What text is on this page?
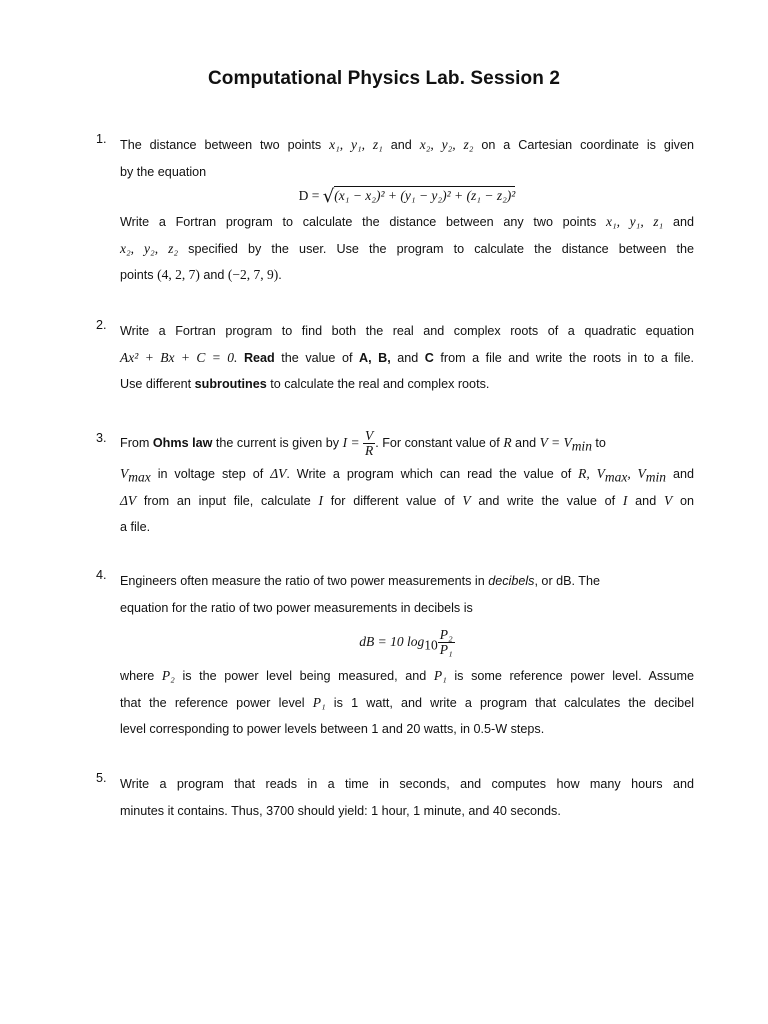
Computational Physics Lab. Session 2
1.	The distance between two points x₁, y₁, z₁ and x₂, y₂, z₂ on a Cartesian coordinate is given
by the equation
D = √(x₁ − x₂)² + (y₁ − y₂)² + (z₁ − z₂)²
Write a Fortran program to calculate the distance between any two points x₁, y₁, z₁ and
x₂, y₂, z₂ specified by the user. Use the program to calculate the distance between the
points (4, 2, 7) and (−2, 7, 9).
2.	Write a Fortran program to find both the real and complex roots of a quadratic equation
Ax² + Bx + C = 0. Read the value of A, B, and C from a file and write the roots in to a file.
Use different subroutines to calculate the real and complex roots.
3.	From Ohms law the current is given by $I = \frac{V}{R}$ . For constant value of R and $V = V_{min}$ to
$V_{max}$ in voltage step of ΔV. Write a program which can read the value of R, $V_{max}$, $V_{min}$ and
ΔV from an input file, calculate I for different value of V and write the value of I and V on
a file.
4.	Engineers often measure the ratio of two power measurements in decibels, or dB. The
equation for the ratio of two power measurements in decibels is
dB = 10 $\log_{10} \frac{\text{P₂}}{\text{P₁}}$
where P₂ is the power level being measured, and P₁ is some reference power level. Assume
that the reference power level P₁ is 1 watt, and write a program that calculates the decibel
level corresponding to power levels between 1 and 20 watts, in 0.5-W steps.
5.	Write a program that reads in a time in seconds, and computes how many hours and
minutes it contains. Thus, 3700 should yield: 1 hour, 1 minute, and 40 seconds.
